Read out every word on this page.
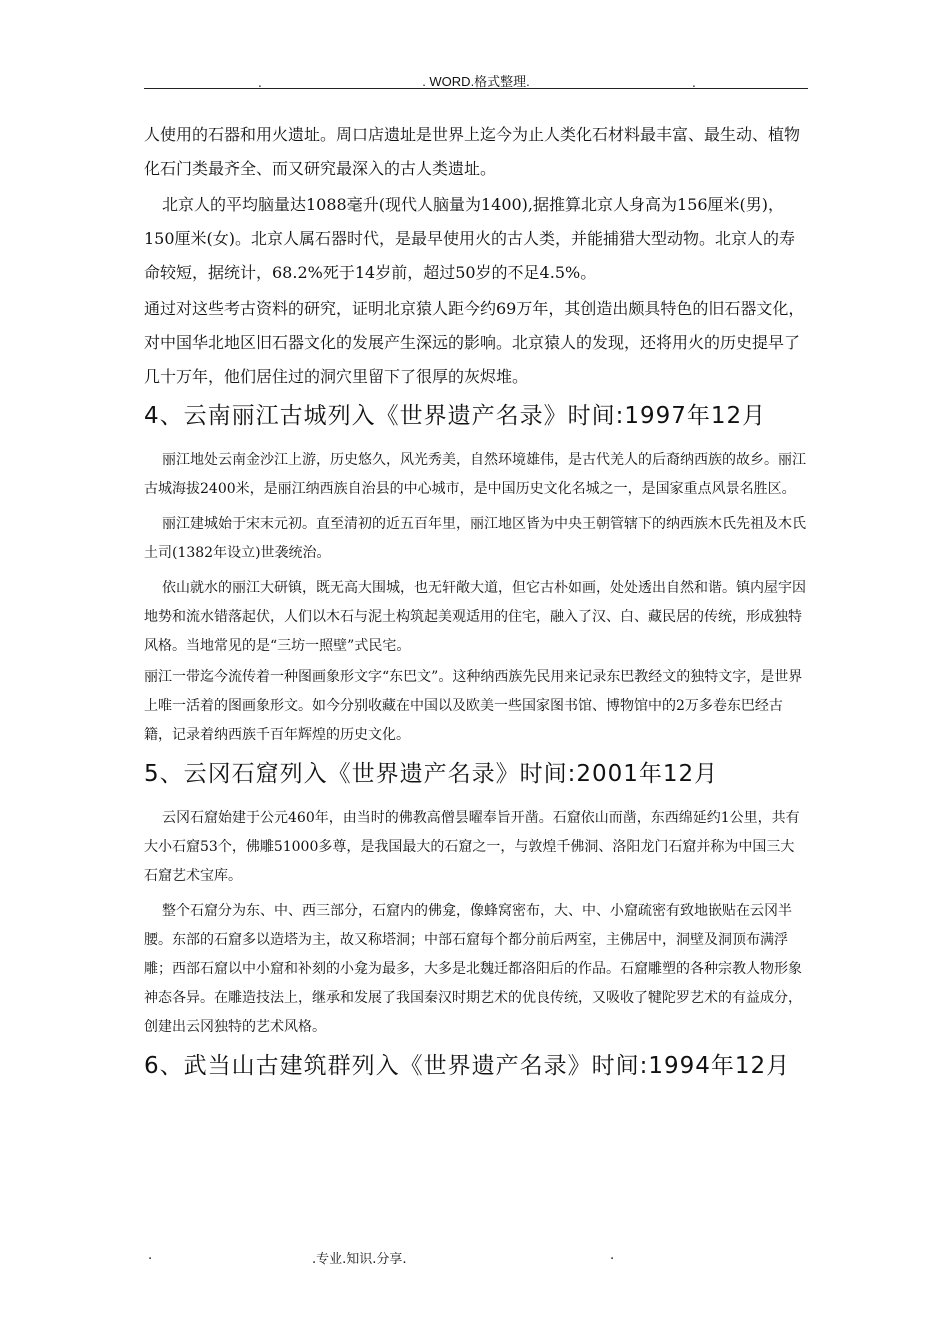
.	. WORD.格式整理.	.

人使用的石器和用火遗址。周口店遗址是世界上迄今为止人类化石材料最丰富、最生动、植物化石门类最齐全、而又研究最深入的古人类遗址。

北京人的平均脑量达1088毫升(现代人脑量为1400),据推算北京人身高为156厘米(男)，150厘米(女)。北京人属石器时代，是最早使用火的古人类，并能捕猎大型动物。北京人的寿命较短，据统计，68.2%死于14岁前，超过50岁的不足4.5%。

通过对这些考古资料的研究，证明北京猿人距今约69万年，其创造出颇具特色的旧石器文化，对中国华北地区旧石器文化的发展产生深远的影响。北京猿人的发现，还将用火的历史提早了几十万年，他们居住过的洞穴里留下了很厚的灰烬堆。

4、云南丽江古城列入《世界遗产名录》时间:1997年12月

丽江地处云南金沙江上游，历史悠久，风光秀美，自然环境雄伟，是古代羌人的后裔纳西族的故乡。丽江古城海拔2400米，是丽江纳西族自治县的中心城市，是中国历史文化名城之一，是国家重点风景名胜区。

丽江建城始于宋末元初。直至清初的近五百年里，丽江地区皆为中央王朝管辖下的纳西族木氏先祖及木氏土司(1382年设立)世袭统治。

依山就水的丽江大研镇，既无高大围城，也无轩敞大道，但它古朴如画，处处透出自然和谐。镇内屋宇因地势和流水错落起伏，人们以木石与泥土构筑起美观适用的住宅，融入了汉、白、藏民居的传统，形成独特风格。当地常见的是“三坊一照壁”式民宅。

丽江一带迄今流传着一种图画象形文字“东巴文”。这种纳西族先民用来记录东巴教经文的独特文字，是世界上唯一活着的图画象形文。如今分别收藏在中国以及欧美一些国家图书馆、博物馆中的2万多卷东巴经古籍，记录着纳西族千百年辉煌的历史文化。

5、云冈石窟列入《世界遗产名录》时间:2001年12月

云冈石窟始建于公元460年，由当时的佛教高僧昙曜奉旨开凿。石窟依山而凿，东西绵延约1公里，共有大小石窟53个，佛雕51000多尊，是我国最大的石窟之一，与敦煌千佛洞、洛阳龙门石窟并称为中国三大石窟艺术宝库。

整个石窟分为东、中、西三部分，石窟内的佛龛，像蜂窝密布，大、中、小窟疏密有致地嵌贴在云冈半腰。东部的石窟多以造塔为主，故又称塔洞；中部石窟每个都分前后两室，主佛居中，洞壁及洞顶布满浮雕；西部石窟以中小窟和补刻的小龛为最多，大多是北魏迁都洛阳后的作品。石窟雕塑的各种宗教人物形象神态各异。在雕造技法上，继承和发展了我国秦汉时期艺术的优良传统，又吸收了犍陀罗艺术的有益成分，创建出云冈独特的艺术风格。

6、武当山古建筑群列入《世界遗产名录》时间:1994年12月
.	.专业.知识.分享.	.
